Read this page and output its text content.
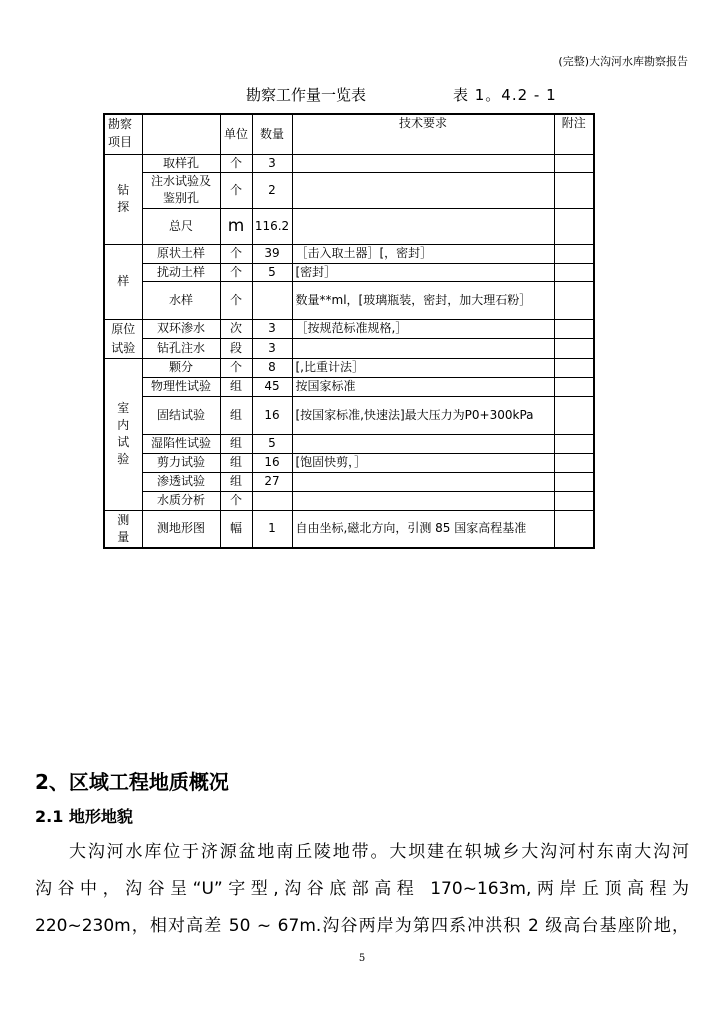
(完整)大沟河水库勘察报告
勘察工作量一览表	表 1。4.2 - 1
勘察项目		单位	数量	技术要求	附注

钻探	取样孔	个	3		
	注水试验及鉴别孔	个	2		
	总尺	m	116.2		
样	原状土样	个	39	［击入取土器］[，密封］	
	扰动土样	个	5	[密封］	
	水样	个		数量**ml，[玻璃瓶装，密封，加大理石粉］	

原位试验	双环渗水	次	3	［按规范标准规格,］	
	钻孔注水	段	3		

室内试验	颗分	个	8	[,比重计法］	
	物理性试验	组	45	按国家标准	
	固结试验	组	16	[按国家标准,快速法]最大压力为P0+300kPa	
	湿陷性试验	组	5		
	剪力试验	组	16	[饱固快剪，］	
	渗透试验	组	27		
	水质分析	个			

测量	测地形图	幅	1	自由坐标,磁北方向，引测 85 国家高程基准	
2、区域工程地质概况
2.1 地形地貌

大沟河水库位于济源盆地南丘陵地带。大坝建在轵城乡大沟河村东南大沟河
沟谷中，沟谷呈“U”字型,沟谷底部高程 170~163m,两岸丘顶高程为
220~230m，相对高差 50 ~ 67m.沟谷两岸为第四系冲洪积 2 级高台基座阶地，

5
